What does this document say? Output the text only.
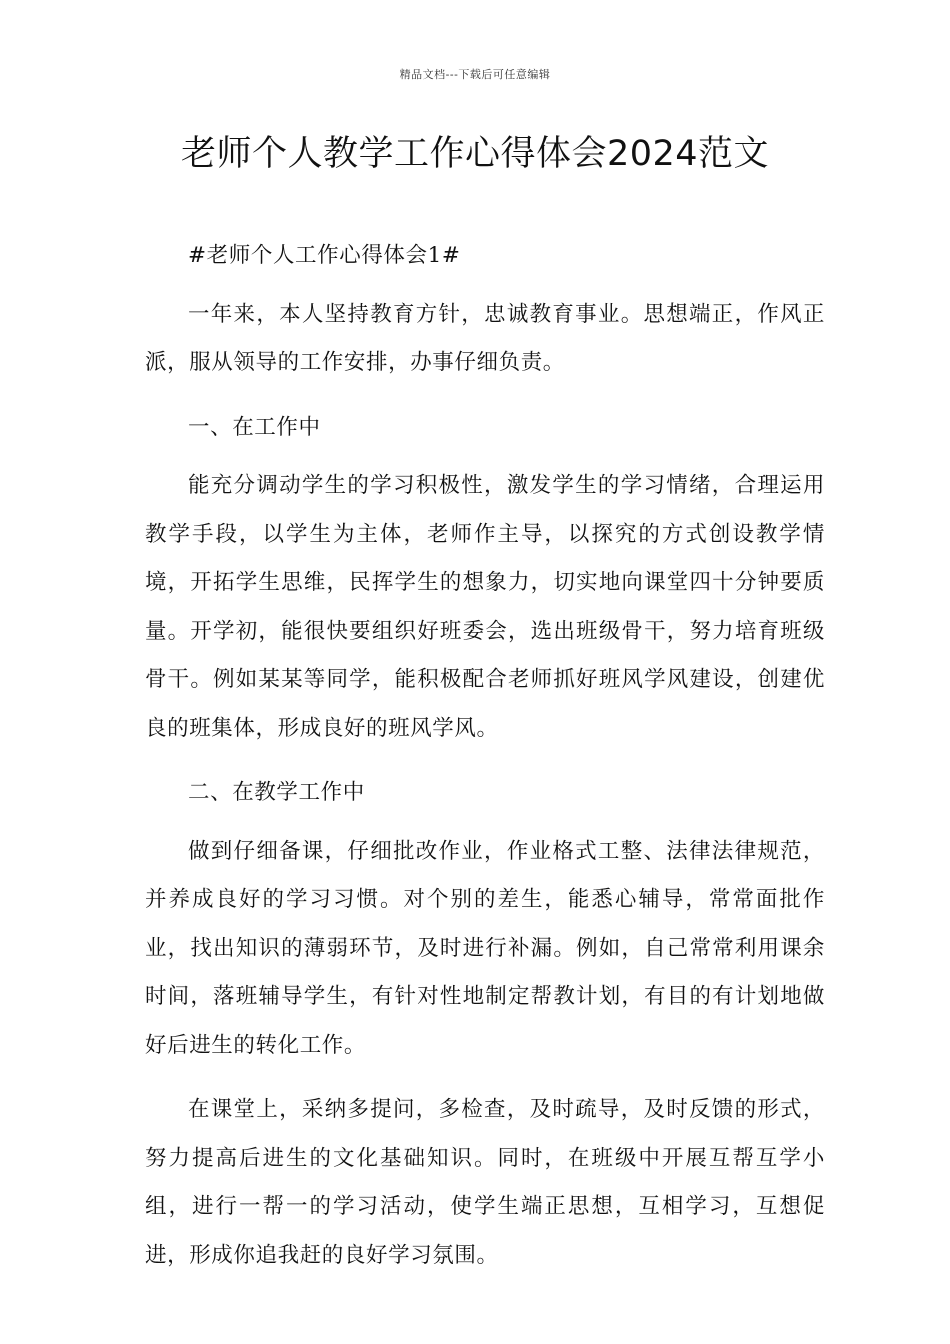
精品文档---下载后可任意编辑
老师个人教学工作心得体会2024范文

#老师个人工作心得体会1#

一年来，本人坚持教育方针，忠诚教育事业。思想端正，作风正派，服从领导的工作安排，办事仔细负责。

一、在工作中

能充分调动学生的学习积极性，激发学生的学习情绪，合理运用教学手段，以学生为主体，老师作主导，以探究的方式创设教学情境，开拓学生思维，民挥学生的想象力，切实地向课堂四十分钟要质量。开学初，能很快要组织好班委会，选出班级骨干，努力培育班级骨干。例如某某等同学，能积极配合老师抓好班风学风建设，创建优良的班集体，形成良好的班风学风。

二、在教学工作中

做到仔细备课，仔细批改作业，作业格式工整、法律法律规范，并养成良好的学习习惯。对个别的差生，能悉心辅导，常常面批作业，找出知识的薄弱环节，及时进行补漏。例如，自己常常利用课余时间，落班辅导学生，有针对性地制定帮教计划，有目的有计划地做好后进生的转化工作。

在课堂上，采纳多提问，多检查，及时疏导，及时反馈的形式，努力提高后进生的文化基础知识。同时，在班级中开展互帮互学小组，进行一帮一的学习活动，使学生端正思想，互相学习，互想促进，形成你追我赶的良好学习氛围。
